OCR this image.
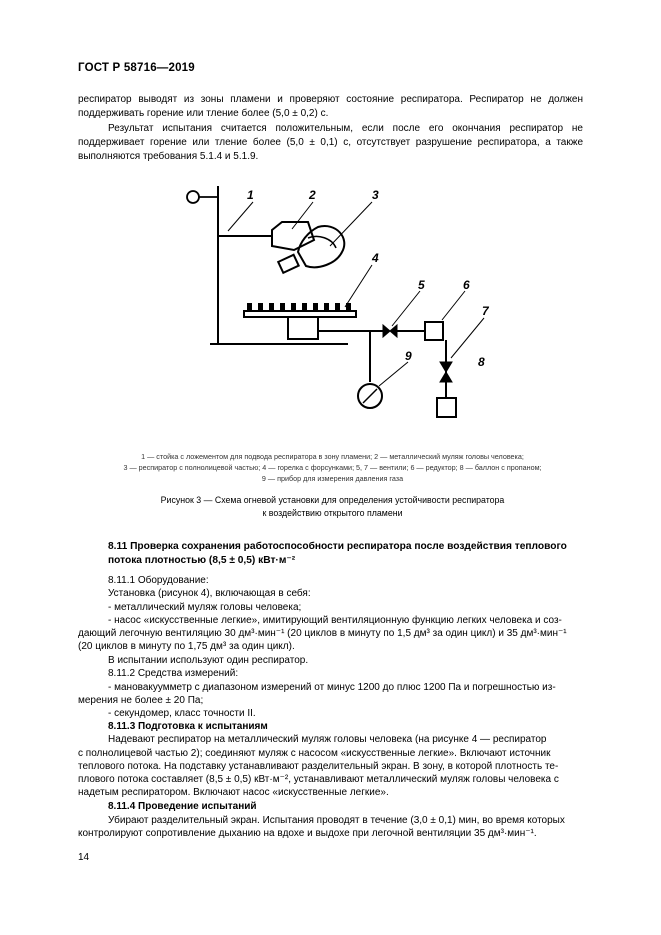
ГОСТ Р 58716—2019
респиратор выводят из зоны пламени и проверяют состояние респиратора. Респиратор не должен поддерживать горение или тление более (5,0 ± 0,2) с.
Результат испытания считается положительным, если после его окончания респиратор не поддерживает горение или тление более (5,0 ± 0,1) с, отсутствует разрушение респиратора, а также выполняются требования 5.1.4 и 5.1.9.
1	2	3
4
5	6
7
8
9
1 — стойка с ложементом для подвода респиратора в зону пламени; 2 — металлический муляж головы человека;
3 — респиратор с полнолицевой частью; 4 — горелка с форсунками; 5, 7 — вентили; 6 — редуктор; 8 — баллон с пропаном;
9 — прибор для измерения давления газа
Рисунок 3 — Схема огневой установки для определения устойчивости респиратора
к воздействию открытого пламени
8.11 Проверка сохранения работоспособности респиратора после воздействия теплового потока плотностью (8,5 ± 0,5) кВт·м⁻²
8.11.1 Оборудование:
Установка (рисунок 4), включающая в себя:
- металлический муляж головы человека;
- насос «искусственные легкие», имитирующий вентиляционную функцию легких человека и соз-
дающий легочную вентиляцию 30 дм³·мин⁻¹ (20 циклов в минуту по 1,5 дм³ за один цикл) и 35 дм³·мин⁻¹
(20 циклов в минуту по 1,75 дм³ за один цикл).
В испытании используют один респиратор.
8.11.2 Средства измерений:
- мановакуумметр с диапазоном измерений от минус 1200 до плюс 1200 Па и погрешностью из-
мерения не более ± 20 Па;
- секундомер, класс точности II.
8.11.3 Подготовка к испытаниям
Надевают респиратор на металлический муляж головы человека (на рисунке 4 — респиратор
с полнолицевой частью 2); соединяют муляж с насосом «искусственные легкие». Включают источник
теплового потока. На подставку устанавливают разделительный экран. В зону, в которой плотность те-
плового потока составляет (8,5 ± 0,5) кВт·м⁻², устанавливают металлический муляж головы человека с
надетым респиратором. Включают насос «искусственные легкие».
8.11.4 Проведение испытаний
Убирают разделительный экран. Испытания проводят в течение (3,0 ± 0,1) мин, во время которых
контролируют сопротивление дыханию на вдохе и выдохе при легочной вентиляции 35 дм³·мин⁻¹.
14
